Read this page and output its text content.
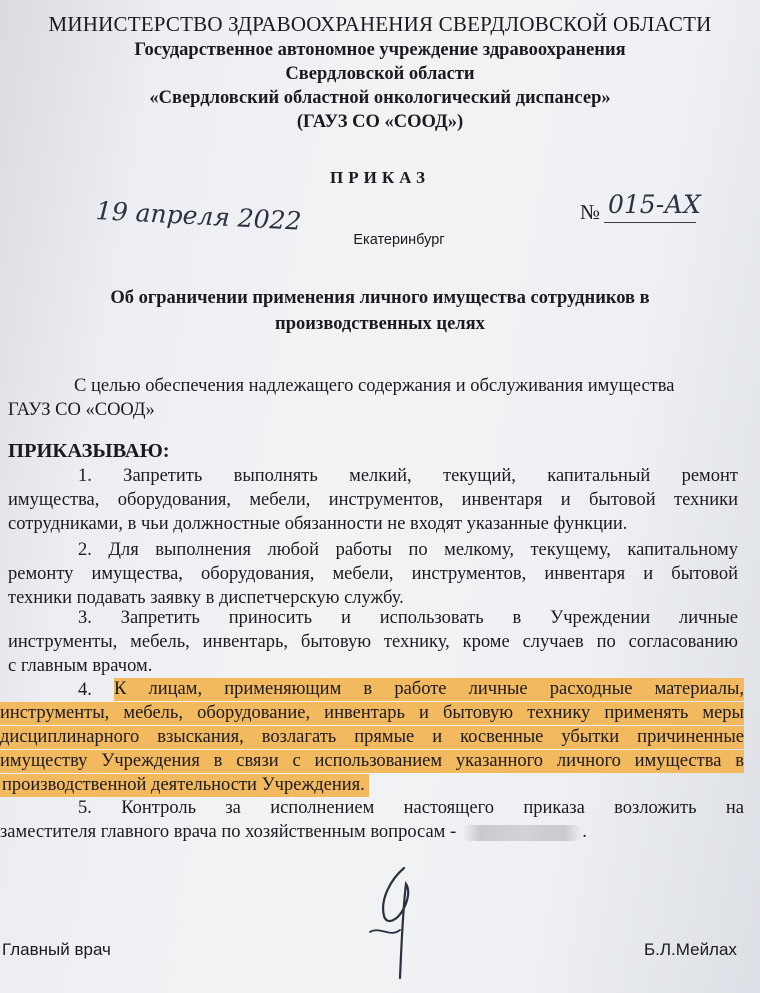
МИНИСТЕРСТВО ЗДРАВООХРАНЕНИЯ СВЕРДЛОВСКОЙ ОБЛАСТИ
Государственное автономное учреждение здравоохранения
Свердловской области
«Свердловский областной онкологический диспансер»
(ГАУЗ СО «СООД»)
ПРИКАЗ
19 апреля 2022	№ 015-АХ
Екатеринбург
Об ограничении применения личного имущества сотрудников в
производственных целях
С целью обеспечения надлежащего содержания и обслуживания имущества
ГАУЗ СО «СООД»
ПРИКАЗЫВАЮ:
1. Запретить выполнять мелкий, текущий, капитальный ремонт
имущества, оборудования, мебели, инструментов, инвентаря и бытовой техники
сотрудниками, в чьи должностные обязанности не входят указанные функции.
2. Для выполнения любой работы по мелкому, текущему, капитальному
ремонту имущества, оборудования, мебели, инструментов, инвентаря и бытовой
техники подавать заявку в диспетчерскую службу.
3. Запретить приносить и использовать в Учреждении личные
инструменты, мебель, инвентарь, бытовую технику, кроме случаев по согласованию
с главным врачом.
4. К лицам, применяющим в работе личные расходные материалы,
инструменты, мебель, оборудование, инвентарь и бытовую технику применять меры
дисциплинарного взыскания, возлагать прямые и косвенные убытки причиненные
имуществу Учреждения в связи с использованием указанного личного имущества в
производственной деятельности Учреждения.
5. Контроль за исполнением настоящего приказа возложить на
заместителя главного врача по хозяйственным вопросам -	.
Главный врач	Б.Л.Мейлах
